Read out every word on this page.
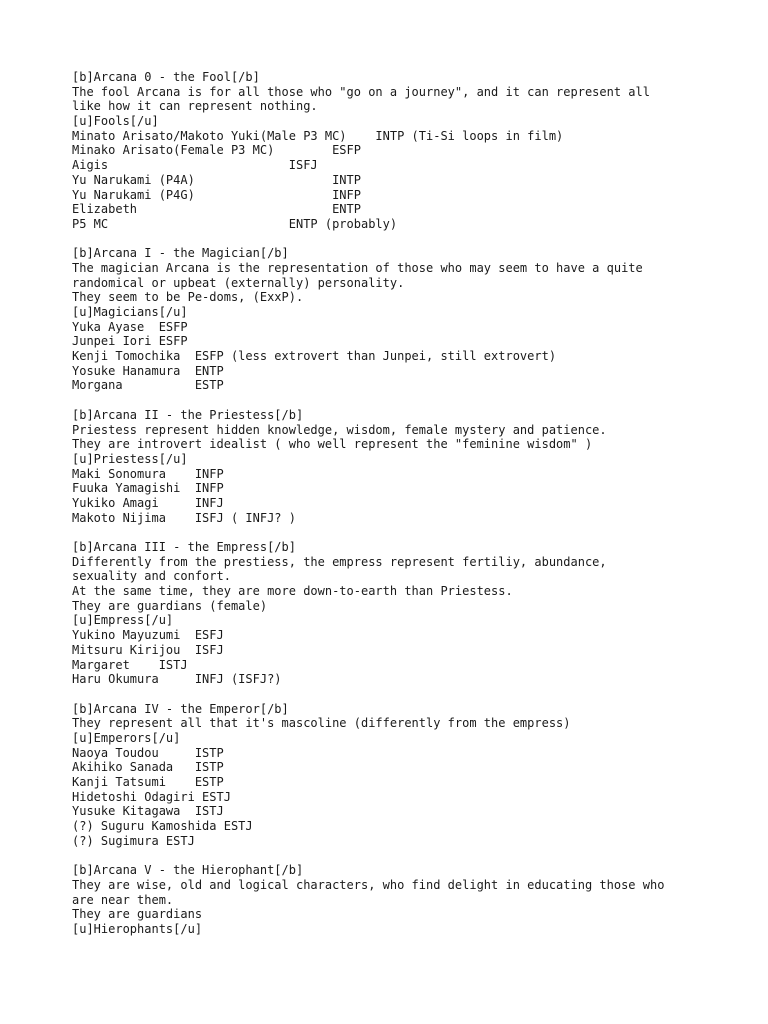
[b]Arcana 0 - the Fool[/b]
The fool Arcana is for all those who "go on a journey", and it can represent all
like how it can represent nothing.
[u]Fools[/u]
Minato Arisato/Makoto Yuki(Male P3 MC)    INTP (Ti-Si loops in film)
Minako Arisato(Female P3 MC)        ESFP
Aigis                         ISFJ
Yu Narukami (P4A)                   INTP
Yu Narukami (P4G)                   INFP
Elizabeth                           ENTP
P5 MC                         ENTP (probably)
[b]Arcana I - the Magician[/b]
The magician Arcana is the representation of those who may seem to have a quite
randomical or upbeat (externally) personality.
They seem to be Pe-doms, (ExxP).
[u]Magicians[/u]
Yuka Ayase  ESFP
Junpei Iori ESFP
Kenji Tomochika  ESFP (less extrovert than Junpei, still extrovert)
Yosuke Hanamura  ENTP
Morgana          ESTP
[b]Arcana II - the Priestess[/b]
Priestess represent hidden knowledge, wisdom, female mystery and patience.
They are introvert idealist ( who well represent the "feminine wisdom" )
[u]Priestess[/u]
Maki Sonomura    INFP
Fuuka Yamagishi  INFP
Yukiko Amagi     INFJ
Makoto Nijima    ISFJ ( INFJ? )
[b]Arcana III - the Empress[/b]
Differently from the prestiess, the empress represent fertiliy, abundance,
sexuality and confort.
At the same time, they are more down-to-earth than Priestess.
They are guardians (female)
[u]Empress[/u]
Yukino Mayuzumi  ESFJ
Mitsuru Kirijou  ISFJ
Margaret    ISTJ
Haru Okumura     INFJ (ISFJ?)
[b]Arcana IV - the Emperor[/b]
They represent all that it's mascoline (differently from the empress)
[u]Emperors[/u]
Naoya Toudou     ISTP
Akihiko Sanada   ISTP
Kanji Tatsumi    ESTP
Hidetoshi Odagiri ESTJ
Yusuke Kitagawa  ISTJ
(?) Suguru Kamoshida ESTJ
(?) Sugimura ESTJ
[b]Arcana V - the Hierophant[/b]
They are wise, old and logical characters, who find delight in educating those who
are near them.
They are guardians
[u]Hierophants[/u]
